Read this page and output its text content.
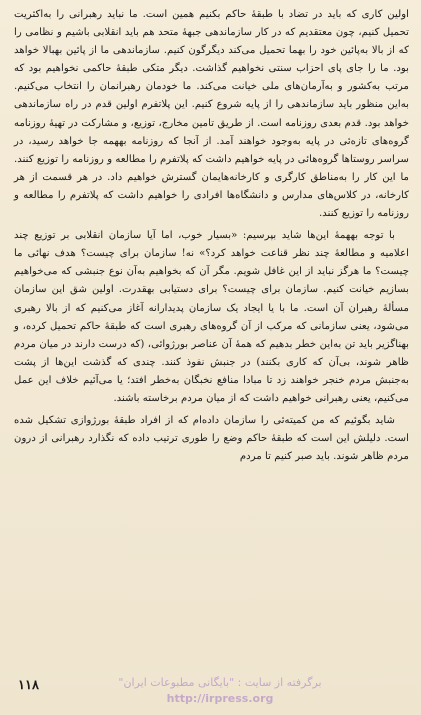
اولین کاری که باید در تضاد با طبقهٔ حاکم بکنیم همین است. ما نباید رهبرانی را به‌اکثریت تحمیل کنیم، چون معتقدیم که در کار سازماندهی جبههٔ متحد هم باید انقلابی باشیم و نظامی را که از بالا به‌پائین خود را بهما تحمیل می‌کند دیگرگون کنیم. سازماندهی ما از پائین بهبالا خواهد بود. ما را جای پای احزاب سنتی نخواهیم گذاشت. دیگر متکی طبقهٔ حاکمی نخواهیم بود که مرتب به‌کشور و به‌آرمان‌های ملی خیانت می‌کند. ما خودمان رهبرانمان را انتخاب می‌کنیم. به‌این منظور باید سازماندهی را از پایه شروع کنیم. این پلاتفرم اولین قدم در راه سازماندهی خواهد بود. قدم بعدی روزنامه است. از طریق تامین مخارج، توزیع، و مشارکت در تهیهٔ روزنامه گروه‌های تازه‌ئی در پایه به‌وجود خواهند آمد. از آنجا که روزنامه بههمه جا خواهد رسید، در سراسر روستاها گروه‌هائی در پایه خواهیم داشت که پلاتفرم را مطالعه و روزنامه را توزیع کنند. ما این کار را به‌مناطق کارگری و کارخانه‌هایمان گسترش خواهیم داد. در هر قسمت از هر کارخانه، در کلاس‌های مدارس و دانشگاه‌ها افرادی را خواهیم داشت که پلاتفرم را مطالعه و روزنامه را توزیع کنند.

با توجه بههمهٔ این‌ها شاید بپرسیم: «بسیار خوب، اما آیا سازمان انقلابی بر توزیع چند اعلامیه و مطالعهٔ چند نظر قناعت خواهد کرد؟» نه! سازمان برای چیست؟ هدف نهائی ما چیست؟ ما هرگز نباید از این غافل شویم. مگر آن که بخواهیم به‌آن نوع جنبشی که می‌خواهیم بسازیم خیانت کنیم. سازمان برای چیست؟ برای دستیابی بهقدرت. اولین شق این سازمان مسألهٔ رهبران آن است. ما با یا ایجاد یک سازمان پدیدارانه آغاز می‌کنیم که از بالا رهبری می‌شود، یعنی سازمانی که مرکب از آن گروه‌های رهبری است که طبقهٔ حاکم تحمیل کرده، و بهناگزیر باید تن به‌این خطر بدهیم که همهٔ آن عناصر بورژوائی، (که درست دارند در میان مردم ظاهر شوند، بی‌آن که کاری بکنند) در جنبش نفوذ کنند. چندی که گذشت این‌ها از پشت به‌جنبش مردم خنجر خواهند زد تا مبادا منافع نخبگان به‌خطر افتد؛ یا می‌آئیم خلاف این عمل می‌کنیم، یعنی رهبرانی خواهیم داشت که از میان مردم برخاسته باشند.

شاید بگوئیم که من کمیته‌ئی را سازمان داده‌ام که از افراد طبقهٔ بورژوازی تشکیل شده است. دلیلش این است که طبقهٔ حاکم وضع را طوری ترتیب داده که نگذارد رهبرانی از درون مردم ظاهر شوند. باید صبر کنیم تا مردم

۱۱۸	برگرفته از سایت : "بایگانی مطبوعات ایران"
http://irpress.org
